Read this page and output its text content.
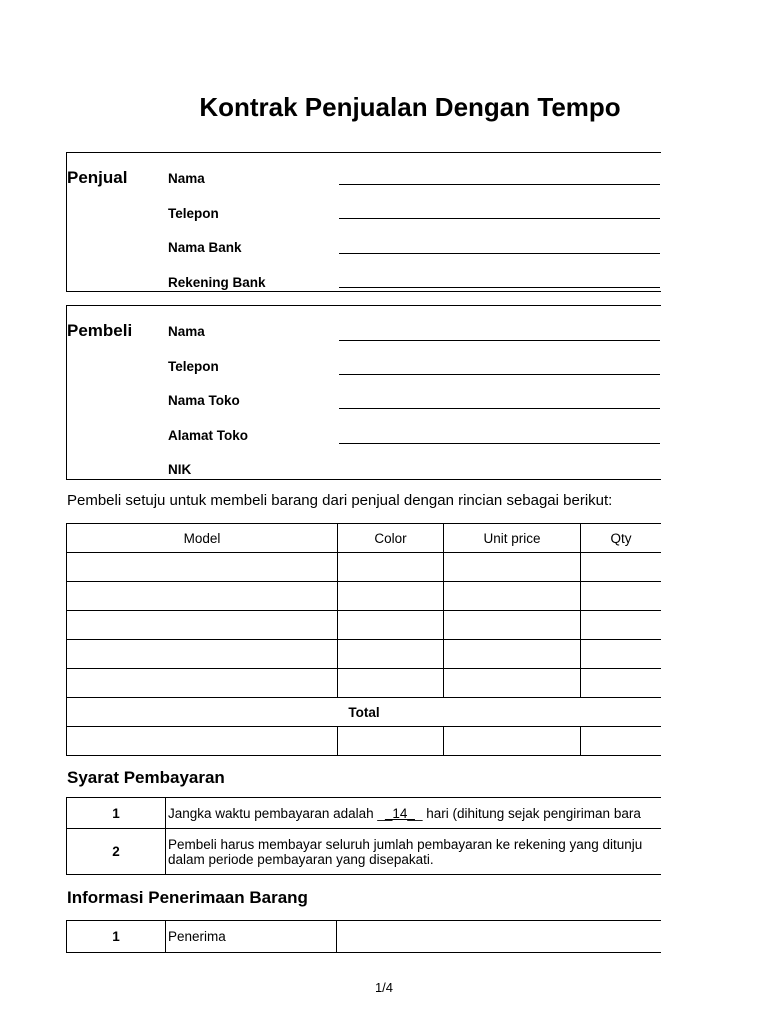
Kontrak Penjualan Dengan Tempo
Penjual	Nama
Telepon
Nama Bank
Rekening Bank
Pembeli	Nama
Telepon
Nama Toko
Alamat Toko
NIK
Pembeli setuju untuk membeli barang dari penjual dengan rincian sebagai berikut:
Model	Color	Unit price	Qty

Total			

Syarat Pembayaran
1	Jangka waktu pembayaran adalah __14__ hari (dihitung sejak pengiriman bara
2	Pembeli harus membayar seluruh jumlah pembayaran ke rekening yang ditunju
dalam periode pembayaran yang disepakati.
Informasi Penerimaan Barang
1	Penerima	
1/4
